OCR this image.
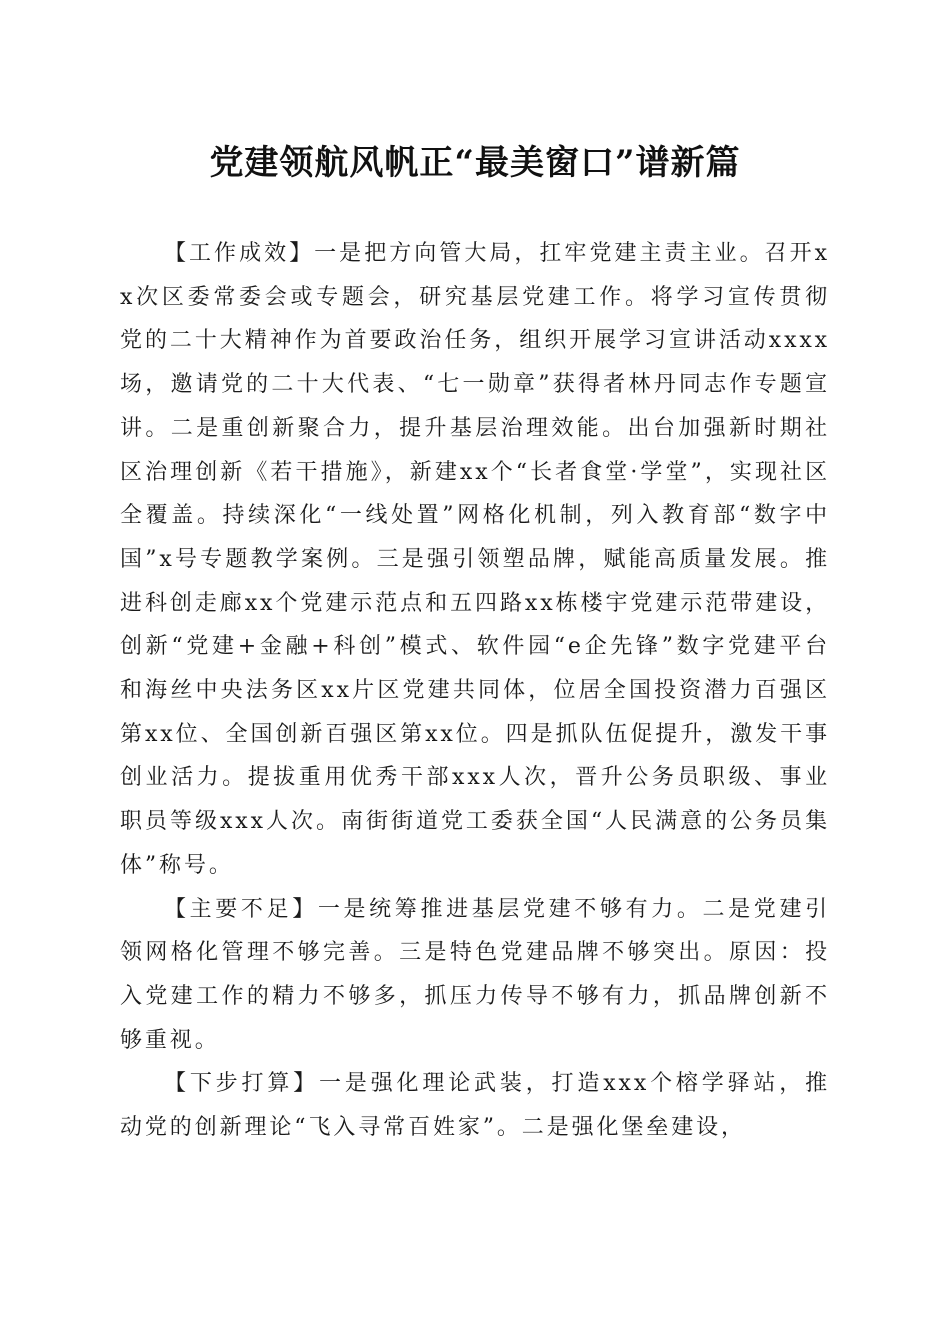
党建领航风帆正“最美窗口”谱新篇

【工作成效】一是把方向管大局，扛牢党建主责主业。召开xx次区委常委会或专题会，研究基层党建工作。将学习宣传贯彻党的二十大精神作为首要政治任务，组织开展学习宣讲活动xxxx场，邀请党的二十大代表、“七一勋章”获得者林丹同志作专题宣讲。二是重创新聚合力，提升基层治理效能。出台加强新时期社区治理创新《若干措施》，新建xx个“长者食堂·学堂”，实现社区全覆盖。持续深化“一线处置”网格化机制，列入教育部“数字中国”x号专题教学案例。三是强引领塑品牌，赋能高质量发展。推进科创走廊xx个党建示范点和五四路xx栋楼宇党建示范带建设，创新“党建+金融+科创”模式、软件园“e企先锋”数字党建平台和海丝中央法务区xx片区党建共同体，位居全国投资潜力百强区第xx位、全国创新百强区第xx位。四是抓队伍促提升，激发干事创业活力。提拔重用优秀干部xxx人次，晋升公务员职级、事业职员等级xxx人次。南街街道党工委获全国“人民满意的公务员集体”称号。

【主要不足】一是统筹推进基层党建不够有力。二是党建引领网格化管理不够完善。三是特色党建品牌不够突出。原因：投入党建工作的精力不够多，抓压力传导不够有力，抓品牌创新不够重视。

【下步打算】一是强化理论武装，打造xxx个榕学驿站，推动党的创新理论“飞入寻常百姓家”。二是强化堡垒建设，
